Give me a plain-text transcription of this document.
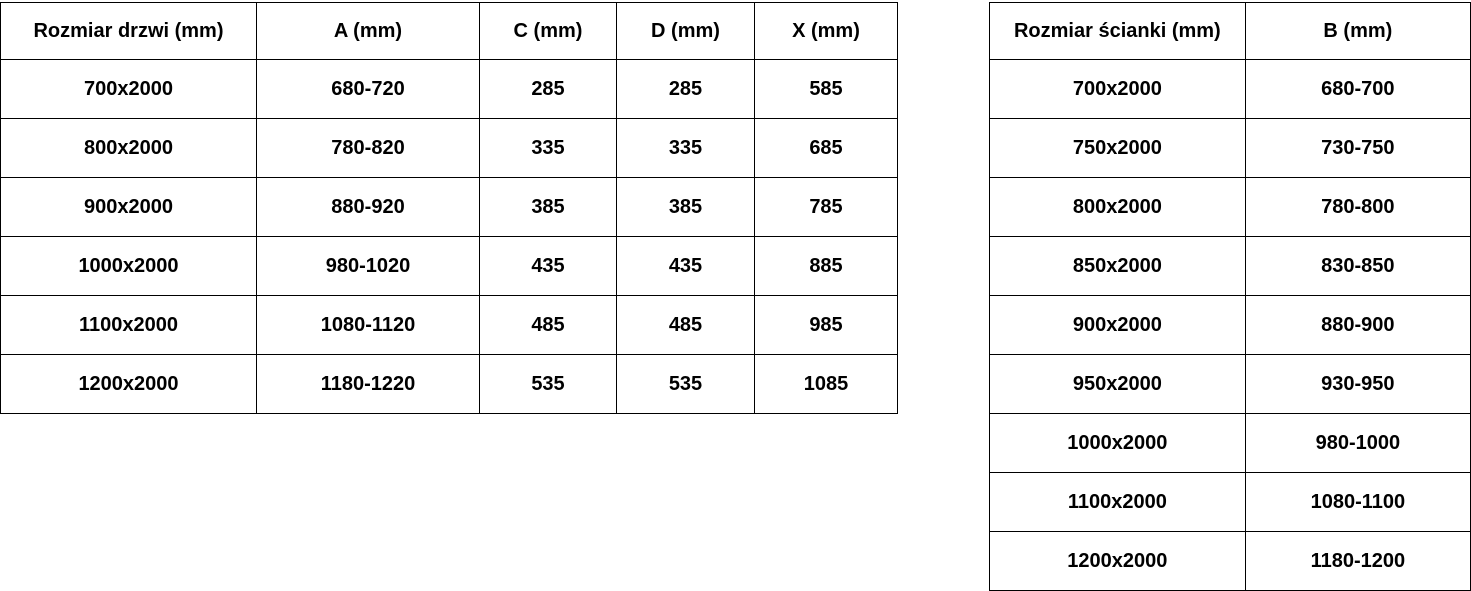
Rozmiar drzwi (mm)	A (mm)	C (mm)	D (mm)	X (mm)
700x2000	680-720	285	285	585
800x2000	780-820	335	335	685
900x2000	880-920	385	385	785
1000x2000	980-1020	435	435	885
1100x2000	1080-1120	485	485	985
1200x2000	1180-1220	535	535	1085
Rozmiar ścianki (mm)	B (mm)
700x2000	680-700
750x2000	730-750
800x2000	780-800
850x2000	830-850
900x2000	880-900
950x2000	930-950
1000x2000	980-1000
1100x2000	1080-1100
1200x2000	1180-1200
